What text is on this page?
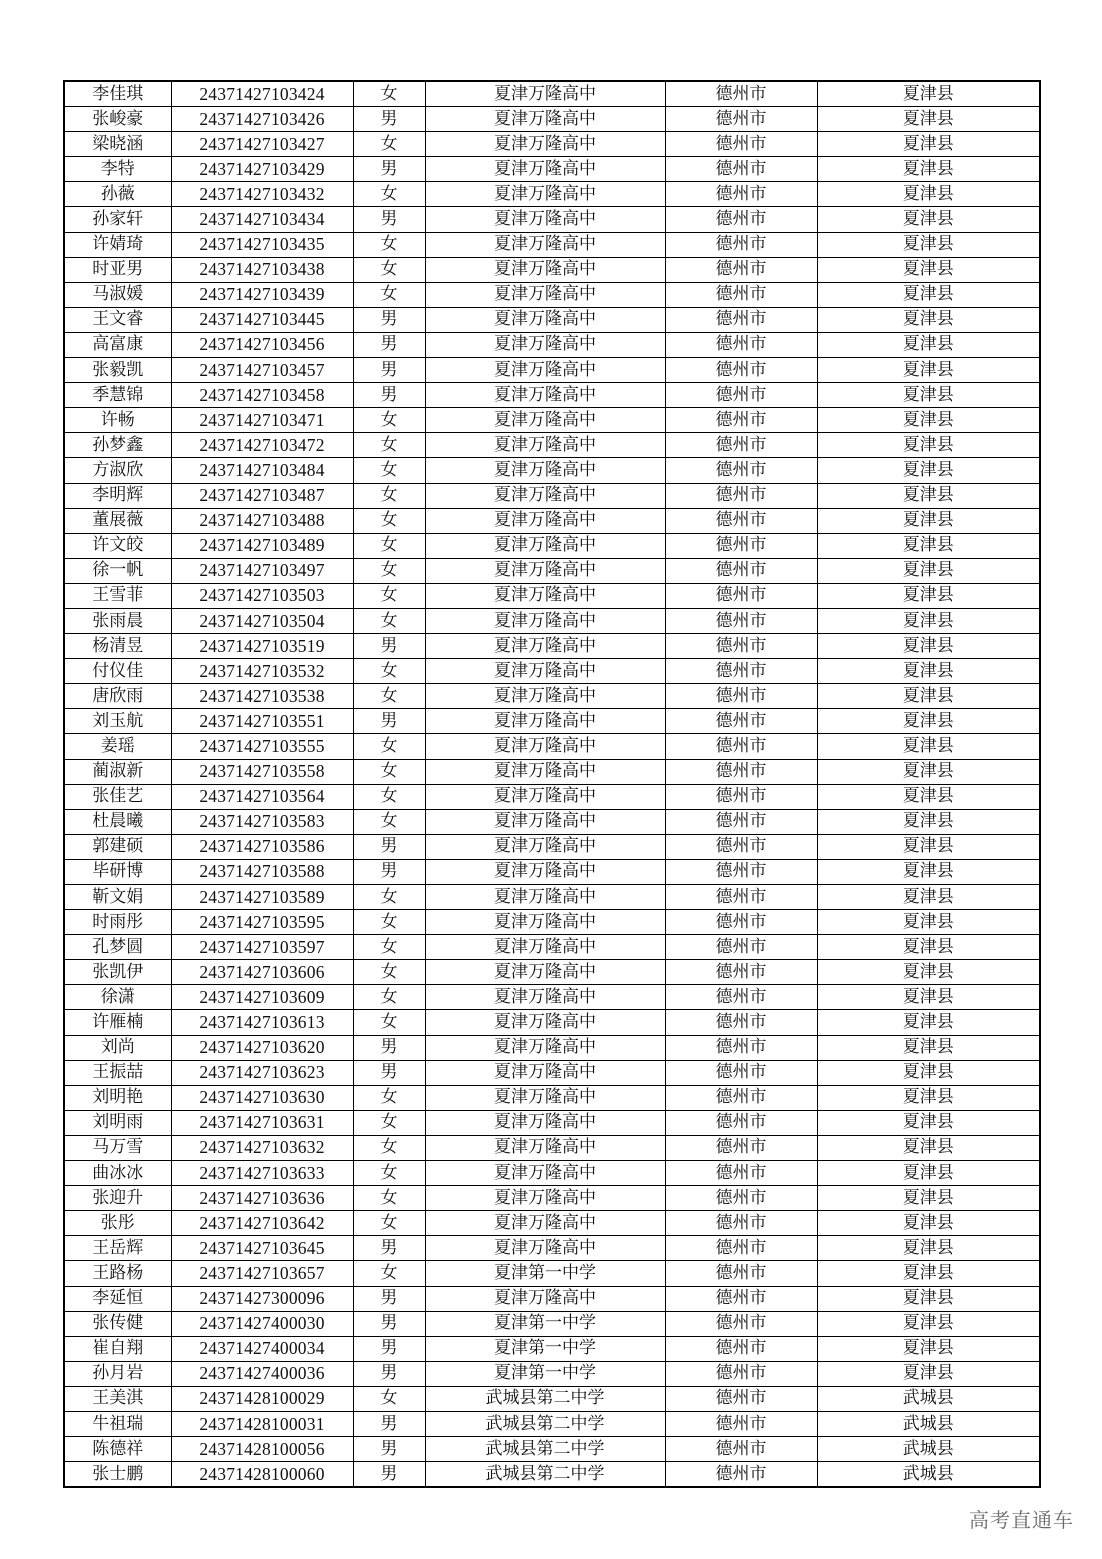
李佳琪	24371427103424	女	夏津万隆高中	德州市	夏津县
张峻豪	24371427103426	男	夏津万隆高中	德州市	夏津县
梁晓涵	24371427103427	女	夏津万隆高中	德州市	夏津县
李特	24371427103429	男	夏津万隆高中	德州市	夏津县
孙薇	24371427103432	女	夏津万隆高中	德州市	夏津县
孙家轩	24371427103434	男	夏津万隆高中	德州市	夏津县
许婧琦	24371427103435	女	夏津万隆高中	德州市	夏津县
时亚男	24371427103438	女	夏津万隆高中	德州市	夏津县
马淑媛	24371427103439	女	夏津万隆高中	德州市	夏津县
王文睿	24371427103445	男	夏津万隆高中	德州市	夏津县
高富康	24371427103456	男	夏津万隆高中	德州市	夏津县
张毅凯	24371427103457	男	夏津万隆高中	德州市	夏津县
季慧锦	24371427103458	男	夏津万隆高中	德州市	夏津县
许畅	24371427103471	女	夏津万隆高中	德州市	夏津县
孙梦鑫	24371427103472	女	夏津万隆高中	德州市	夏津县
方淑欣	24371427103484	女	夏津万隆高中	德州市	夏津县
李明辉	24371427103487	女	夏津万隆高中	德州市	夏津县
董展薇	24371427103488	女	夏津万隆高中	德州市	夏津县
许文皎	24371427103489	女	夏津万隆高中	德州市	夏津县
徐一帆	24371427103497	女	夏津万隆高中	德州市	夏津县
王雪菲	24371427103503	女	夏津万隆高中	德州市	夏津县
张雨晨	24371427103504	女	夏津万隆高中	德州市	夏津县
杨清昱	24371427103519	男	夏津万隆高中	德州市	夏津县
付仪佳	24371427103532	女	夏津万隆高中	德州市	夏津县
唐欣雨	24371427103538	女	夏津万隆高中	德州市	夏津县
刘玉航	24371427103551	男	夏津万隆高中	德州市	夏津县
姜瑶	24371427103555	女	夏津万隆高中	德州市	夏津县
蔺淑新	24371427103558	女	夏津万隆高中	德州市	夏津县
张佳艺	24371427103564	女	夏津万隆高中	德州市	夏津县
杜晨曦	24371427103583	女	夏津万隆高中	德州市	夏津县
郭建硕	24371427103586	男	夏津万隆高中	德州市	夏津县
毕研博	24371427103588	男	夏津万隆高中	德州市	夏津县
靳文娟	24371427103589	女	夏津万隆高中	德州市	夏津县
时雨彤	24371427103595	女	夏津万隆高中	德州市	夏津县
孔梦圆	24371427103597	女	夏津万隆高中	德州市	夏津县
张凯伊	24371427103606	女	夏津万隆高中	德州市	夏津县
徐潇	24371427103609	女	夏津万隆高中	德州市	夏津县
许雁楠	24371427103613	女	夏津万隆高中	德州市	夏津县
刘尚	24371427103620	男	夏津万隆高中	德州市	夏津县
王振喆	24371427103623	男	夏津万隆高中	德州市	夏津县
刘明艳	24371427103630	女	夏津万隆高中	德州市	夏津县
刘明雨	24371427103631	女	夏津万隆高中	德州市	夏津县
马万雪	24371427103632	女	夏津万隆高中	德州市	夏津县
曲冰冰	24371427103633	女	夏津万隆高中	德州市	夏津县
张迎升	24371427103636	女	夏津万隆高中	德州市	夏津县
张彤	24371427103642	女	夏津万隆高中	德州市	夏津县
王岳辉	24371427103645	男	夏津万隆高中	德州市	夏津县
王路杨	24371427103657	女	夏津第一中学	德州市	夏津县
李延恒	24371427300096	男	夏津万隆高中	德州市	夏津县
张传健	24371427400030	男	夏津第一中学	德州市	夏津县
崔自翔	24371427400034	男	夏津第一中学	德州市	夏津县
孙月岩	24371427400036	男	夏津第一中学	德州市	夏津县
王美淇	24371428100029	女	武城县第二中学	德州市	武城县
牛祖瑞	24371428100031	男	武城县第二中学	德州市	武城县
陈德祥	24371428100056	男	武城县第二中学	德州市	武城县
张士鹏	24371428100060	男	武城县第二中学	德州市	武城县
高考直通车
